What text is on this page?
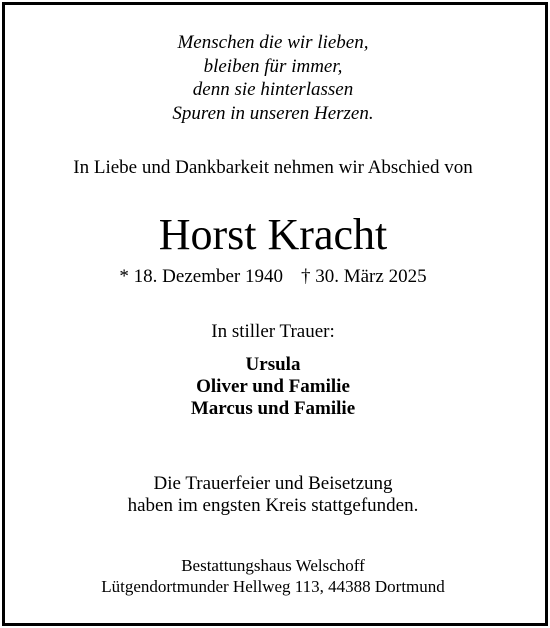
Menschen die wir lieben,
bleiben für immer,
denn sie hinterlassen
Spuren in unseren Herzen.
In Liebe und Dankbarkeit nehmen wir Abschied von
Horst Kracht
* 18. Dezember 1940 † 30. März 2025
In stiller Trauer:
Ursula
Oliver und Familie
Marcus und Familie
Die Trauerfeier und Beisetzung
haben im engsten Kreis stattgefunden.
Bestattungshaus Welschoff
Lütgendortmunder Hellweg 113, 44388 Dortmund
